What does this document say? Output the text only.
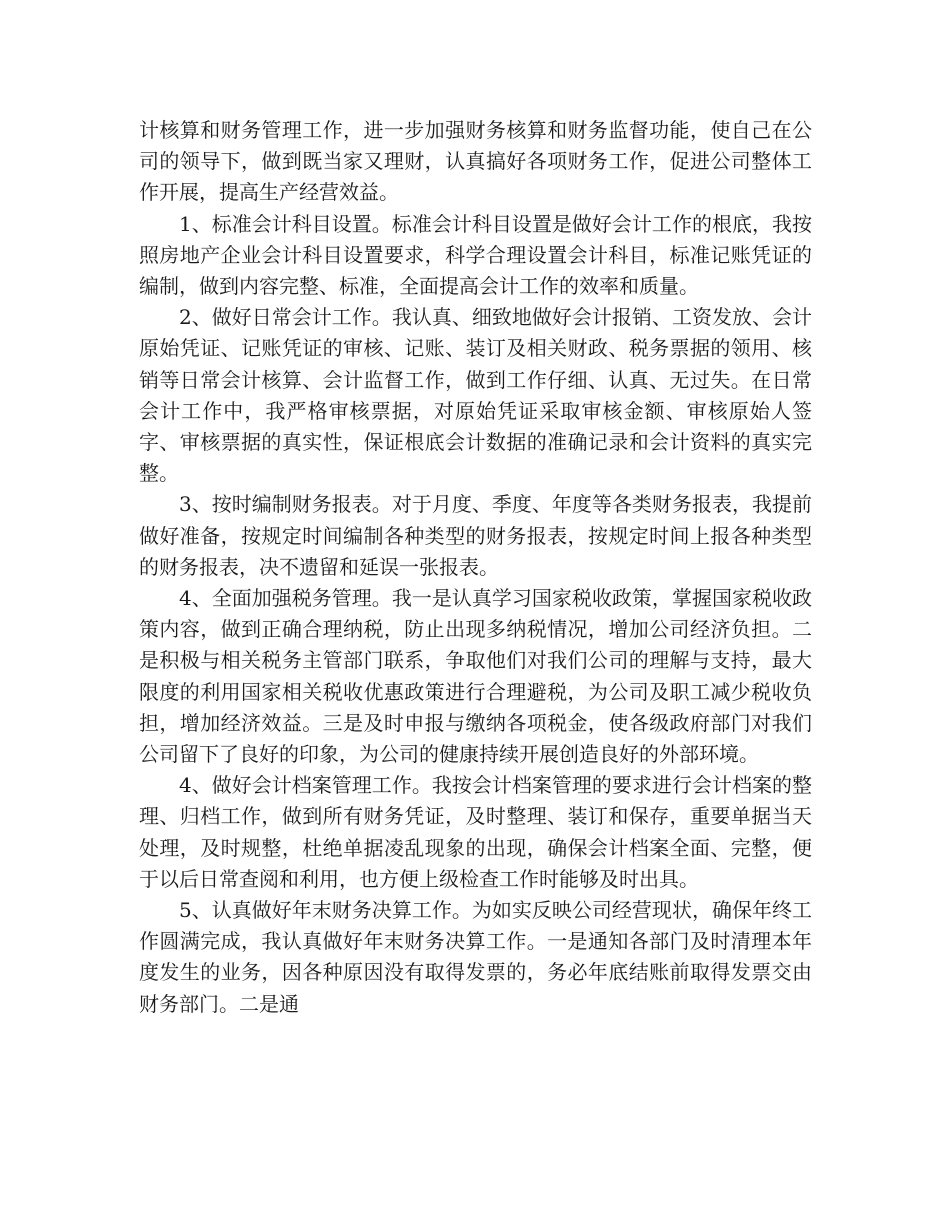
计核算和财务管理工作，进一步加强财务核算和财务监督功能，使自己在公司的领导下，做到既当家又理财，认真搞好各项财务工作，促进公司整体工作开展，提高生产经营效益。

1、标准会计科目设置。标准会计科目设置是做好会计工作的根底，我按照房地产企业会计科目设置要求，科学合理设置会计科目，标准记账凭证的编制，做到内容完整、标准，全面提高会计工作的效率和质量。

2、做好日常会计工作。我认真、细致地做好会计报销、工资发放、会计原始凭证、记账凭证的审核、记账、装订及相关财政、税务票据的领用、核销等日常会计核算、会计监督工作，做到工作仔细、认真、无过失。在日常会计工作中，我严格审核票据，对原始凭证采取审核金额、审核原始人签字、审核票据的真实性，保证根底会计数据的准确记录和会计资料的真实完整。

3、按时编制财务报表。对于月度、季度、年度等各类财务报表，我提前做好准备，按规定时间编制各种类型的财务报表，按规定时间上报各种类型的财务报表，决不遗留和延误一张报表。

4、全面加强税务管理。我一是认真学习国家税收政策，掌握国家税收政策内容，做到正确合理纳税，防止出现多纳税情况，增加公司经济负担。二是积极与相关税务主管部门联系，争取他们对我们公司的理解与支持，最大限度的利用国家相关税收优惠政策进行合理避税，为公司及职工减少税收负担，增加经济效益。三是及时申报与缴纳各项税金，使各级政府部门对我们公司留下了良好的印象，为公司的健康持续开展创造良好的外部环境。

4、做好会计档案管理工作。我按会计档案管理的要求进行会计档案的整理、归档工作，做到所有财务凭证，及时整理、装订和保存，重要单据当天处理，及时规整，杜绝单据凌乱现象的出现，确保会计档案全面、完整，便于以后日常查阅和利用，也方便上级检查工作时能够及时出具。

5、认真做好年末财务决算工作。为如实反映公司经营现状，确保年终工作圆满完成，我认真做好年末财务决算工作。一是通知各部门及时清理本年度发生的业务，因各种原因没有取得发票的，务必年底结账前取得发票交由财务部门。二是通
